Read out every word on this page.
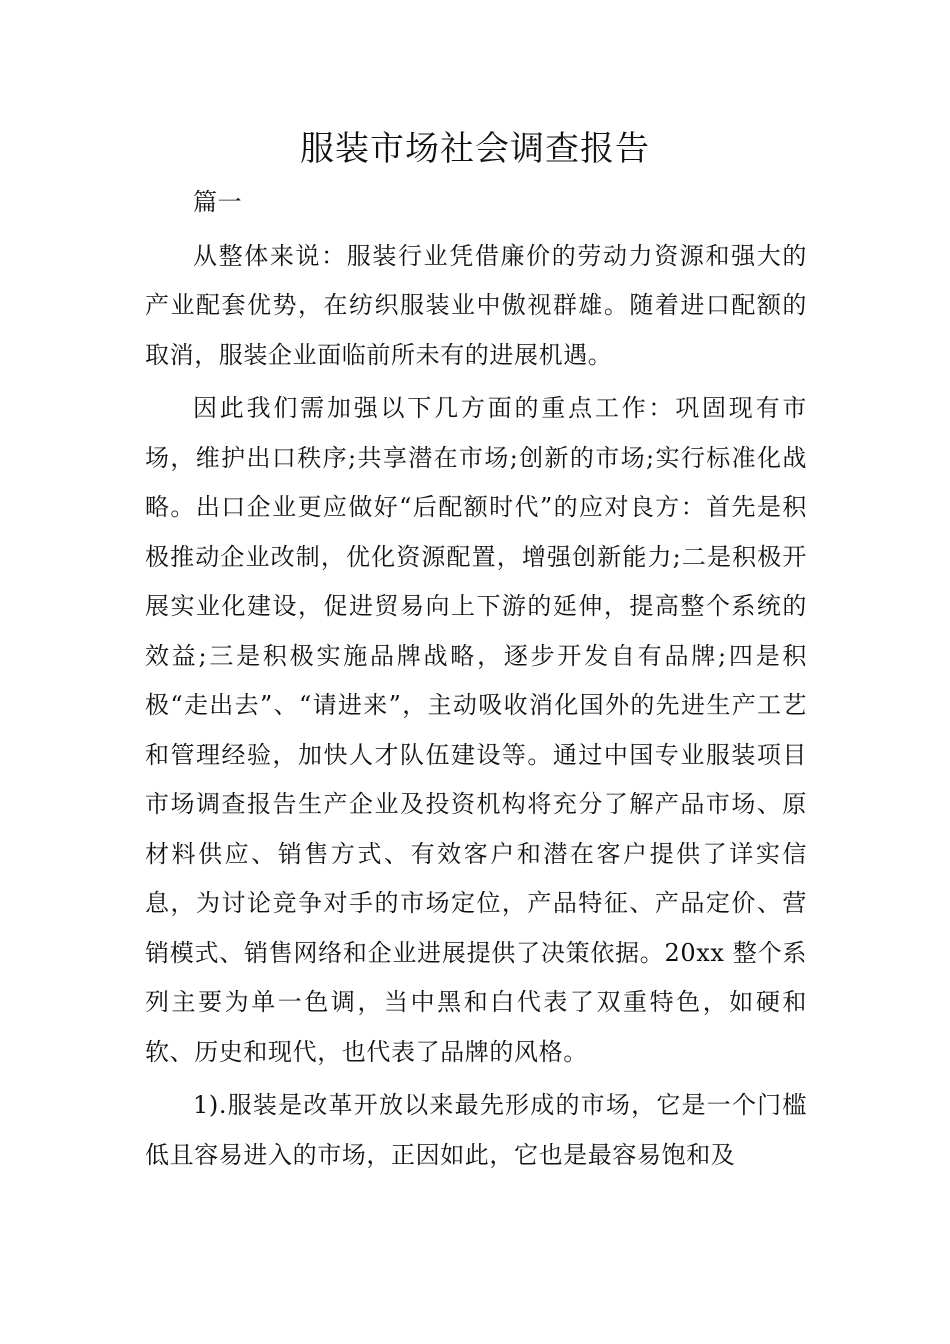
服装市场社会调查报告

篇一

从整体来说：服装行业凭借廉价的劳动力资源和强大的产业配套优势，在纺织服装业中傲视群雄。随着进口配额的取消，服装企业面临前所未有的进展机遇。

因此我们需加强以下几方面的重点工作：巩固现有市场，维护出口秩序;共享潜在市场;创新的市场;实行标准化战略。出口企业更应做好“后配额时代”的应对良方：首先是积极推动企业改制，优化资源配置，增强创新能力;二是积极开展实业化建设，促进贸易向上下游的延伸，提高整个系统的效益;三是积极实施品牌战略，逐步开发自有品牌;四是积极“走出去”、“请进来”，主动吸收消化国外的先进生产工艺和管理经验，加快人才队伍建设等。通过中国专业服装项目市场调查报告生产企业及投资机构将充分了解产品市场、原材料供应、销售方式、有效客户和潜在客户提供了详实信息，为讨论竞争对手的市场定位，产品特征、产品定价、营销模式、销售网络和企业进展提供了决策依据。20xx 整个系列主要为单一色调，当中黑和白代表了双重特色，如硬和软、历史和现代，也代表了品牌的风格。

1).服装是改革开放以来最先形成的市场，它是一个门槛低且容易进入的市场，正因如此，它也是最容易饱和及
